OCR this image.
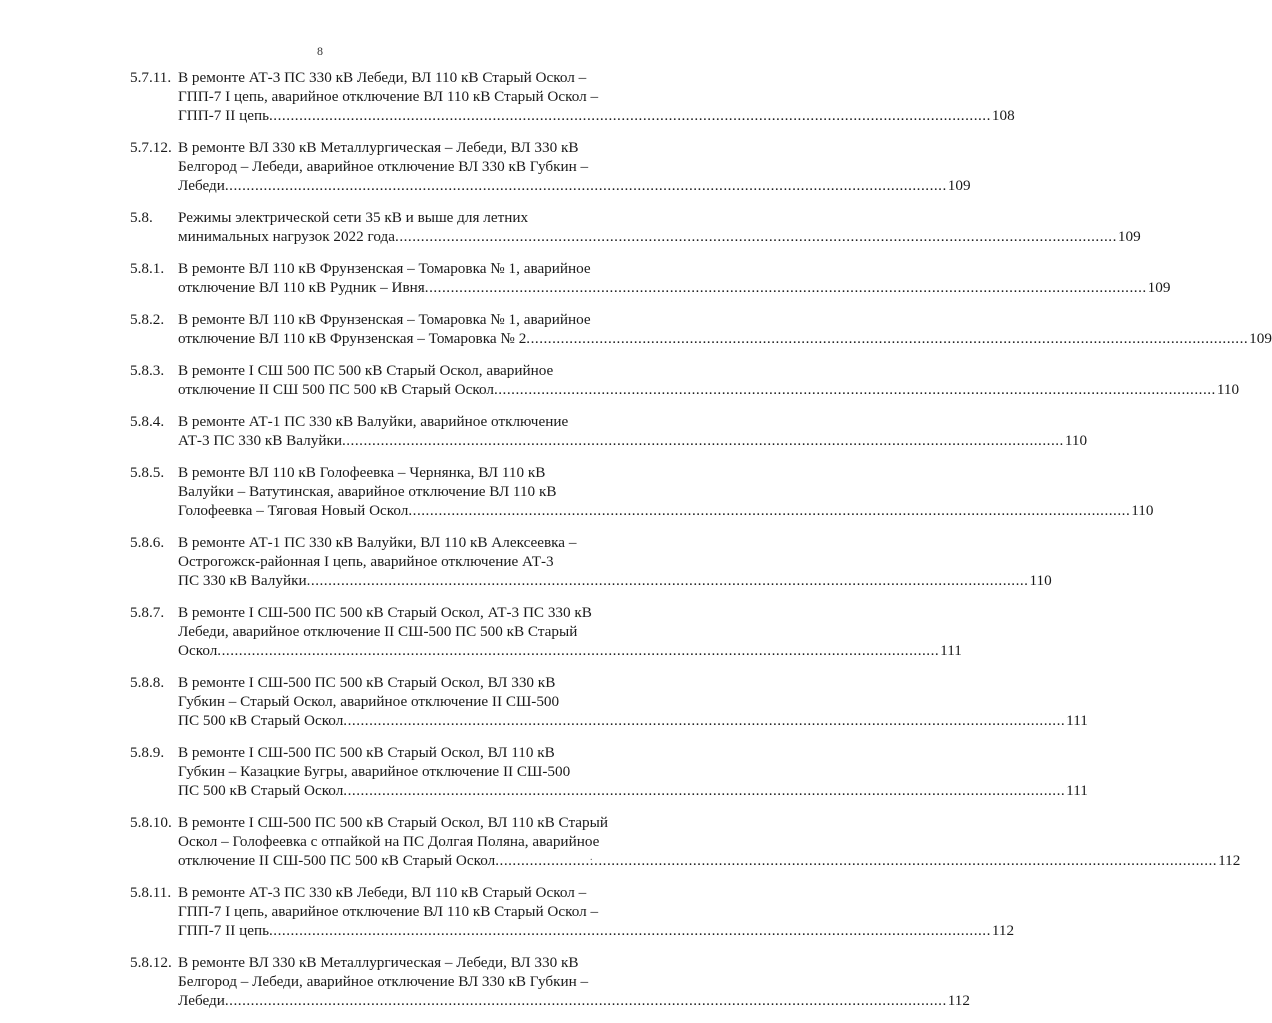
8
5.7.11. В ремонте АТ-3 ПС 330 кВ Лебеди, ВЛ 110 кВ Старый Оскол –
ГПП-7 I цепь, аварийное отключение ВЛ 110 кВ Старый Оскол –
ГПП-7 II цепь .....	108
5.7.12. В ремонте ВЛ 330 кВ Металлургическая – Лебеди, ВЛ 330 кВ
Белгород – Лебеди, аварийное отключение ВЛ 330 кВ Губкин –
Лебеди .....	109
5.8.	Режимы электрической сети 35 кВ и выше для летних
минимальных нагрузок 2022 года .....	109
5.8.1. В ремонте ВЛ 110 кВ Фрунзенская – Томаровка № 1, аварийное
отключение ВЛ 110 кВ Рудник – Ивня .....	109
5.8.2. В ремонте ВЛ 110 кВ Фрунзенская – Томаровка № 1, аварийное
отключение ВЛ 110 кВ Фрунзенская – Томаровка № 2 .....	109
5.8.3. В ремонте I СШ 500 ПС 500 кВ Старый Оскол, аварийное
отключение II СШ 500 ПС 500 кВ Старый Оскол .....	110
5.8.4. В ремонте АТ-1 ПС 330 кВ Валуйки, аварийное отключение
АТ-3 ПС 330 кВ Валуйки .....	110
5.8.5. В ремонте ВЛ 110 кВ Голофеевка – Чернянка, ВЛ 110 кВ
Валуйки – Ватутинская, аварийное отключение ВЛ 110 кВ
Голофеевка – Тяговая Новый Оскол .....	110
5.8.6. В ремонте АТ-1 ПС 330 кВ Валуйки, ВЛ 110 кВ Алексеевка –
Острогожск-районная I цепь, аварийное отключение АТ-3
ПС 330 кВ Валуйки .....	110
5.8.7. В ремонте I СШ-500 ПС 500 кВ Старый Оскол, АТ-3 ПС 330 кВ
Лебеди, аварийное отключение II СШ-500 ПС 500 кВ Старый
Оскол .....	111
5.8.8. В ремонте I СШ-500 ПС 500 кВ Старый Оскол, ВЛ 330 кВ
Губкин – Старый Оскол, аварийное отключение II СШ-500
ПС 500 кВ Старый Оскол .....	111
5.8.9. В ремонте I СШ-500 ПС 500 кВ Старый Оскол, ВЛ 110 кВ
Губкин – Казацкие Бугры, аварийное отключение II СШ-500
ПС 500 кВ Старый Оскол .....	111
5.8.10. В ремонте I СШ-500 ПС 500 кВ Старый Оскол, ВЛ 110 кВ Старый
Оскол – Голофеевка с отпайкой на ПС Долгая Поляна, аварийное
отключение II СШ-500 ПС 500 кВ Старый Оскол .....	112
5.8.11. В ремонте АТ-3 ПС 330 кВ Лебеди, ВЛ 110 кВ Старый Оскол –
ГПП-7 I цепь, аварийное отключение ВЛ 110 кВ Старый Оскол –
ГПП-7 II цепь .....	112
5.8.12. В ремонте ВЛ 330 кВ Металлургическая – Лебеди, ВЛ 330 кВ
Белгород – Лебеди, аварийное отключение ВЛ 330 кВ Губкин –
Лебеди .....	112
.
